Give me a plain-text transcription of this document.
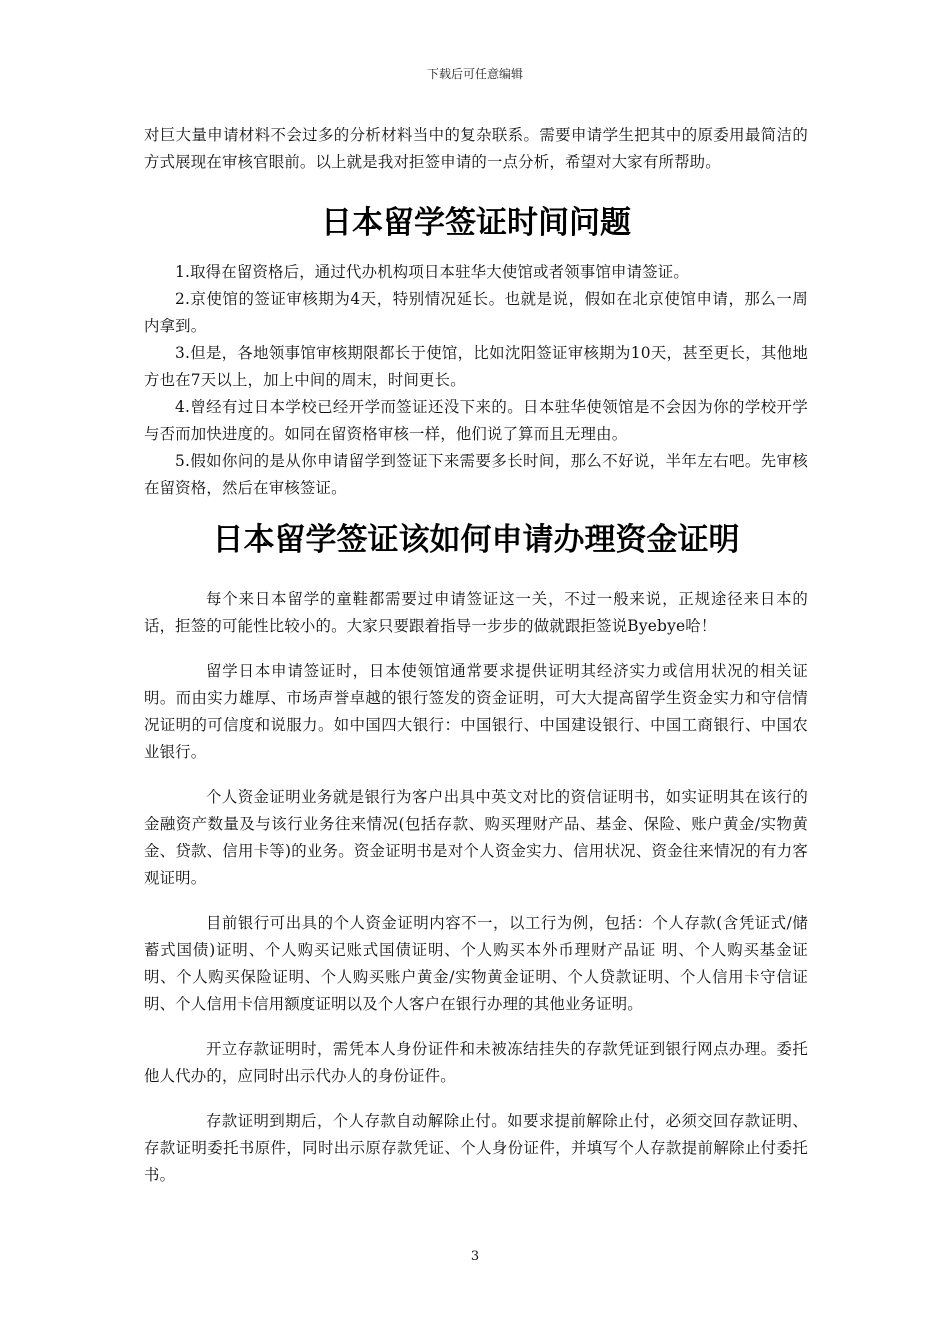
下载后可任意编辑

对巨大量申请材料不会过多的分析材料当中的复杂联系。需要申请学生把其中的原委用最简洁的方式展现在审核官眼前。以上就是我对拒签申请的一点分析，希望对大家有所帮助。

日本留学签证时间问题

1.取得在留资格后，通过代办机构项日本驻华大使馆或者领事馆申请签证。

2.京使馆的签证审核期为4天，特别情况延长。也就是说，假如在北京使馆申请，那么一周内拿到。

3.但是，各地领事馆审核期限都长于使馆，比如沈阳签证审核期为10天，甚至更长，其他地方也在7天以上，加上中间的周末，时间更长。

4.曾经有过日本学校已经开学而签证还没下来的。日本驻华使领馆是不会因为你的学校开学与否而加快进度的。如同在留资格审核一样，他们说了算而且无理由。

5.假如你问的是从你申请留学到签证下来需要多长时间，那么不好说，半年左右吧。先审核在留资格，然后在审核签证。

日本留学签证该如何申请办理资金证明

每个来日本留学的童鞋都需要过申请签证这一关，不过一般来说，正规途径来日本的话，拒签的可能性比较小的。大家只要跟着指导一步步的做就跟拒签说Byebye哈！

留学日本申请签证时，日本使领馆通常要求提供证明其经济实力或信用状况的相关证明。而由实力雄厚、市场声誉卓越的银行签发的资金证明，可大大提高留学生资金实力和守信情况证明的可信度和说服力。如中国四大银行：中国银行、中国建设银行、中国工商银行、中国农业银行。

个人资金证明业务就是银行为客户出具中英文对比的资信证明书，如实证明其在该行的金融资产数量及与该行业务往来情况(包括存款、购买理财产品、基金、保险、账户黄金/实物黄金、贷款、信用卡等)的业务。资金证明书是对个人资金实力、信用状况、资金往来情况的有力客观证明。

目前银行可出具的个人资金证明内容不一，以工行为例，包括：个人存款(含凭证式/储蓄式国债)证明、个人购买记账式国债证明、个人购买本外币理财产品证 明、个人购买基金证明、个人购买保险证明、个人购买账户黄金/实物黄金证明、个人贷款证明、个人信用卡守信证明、个人信用卡信用额度证明以及个人客户在银行办理的其他业务证明。

开立存款证明时，需凭本人身份证件和未被冻结挂失的存款凭证到银行网点办理。委托他人代办的，应同时出示代办人的身份证件。

存款证明到期后，个人存款自动解除止付。如要求提前解除止付，必须交回存款证明、存款证明委托书原件，同时出示原存款凭证、个人身份证件，并填写个人存款提前解除止付委托书。

3
